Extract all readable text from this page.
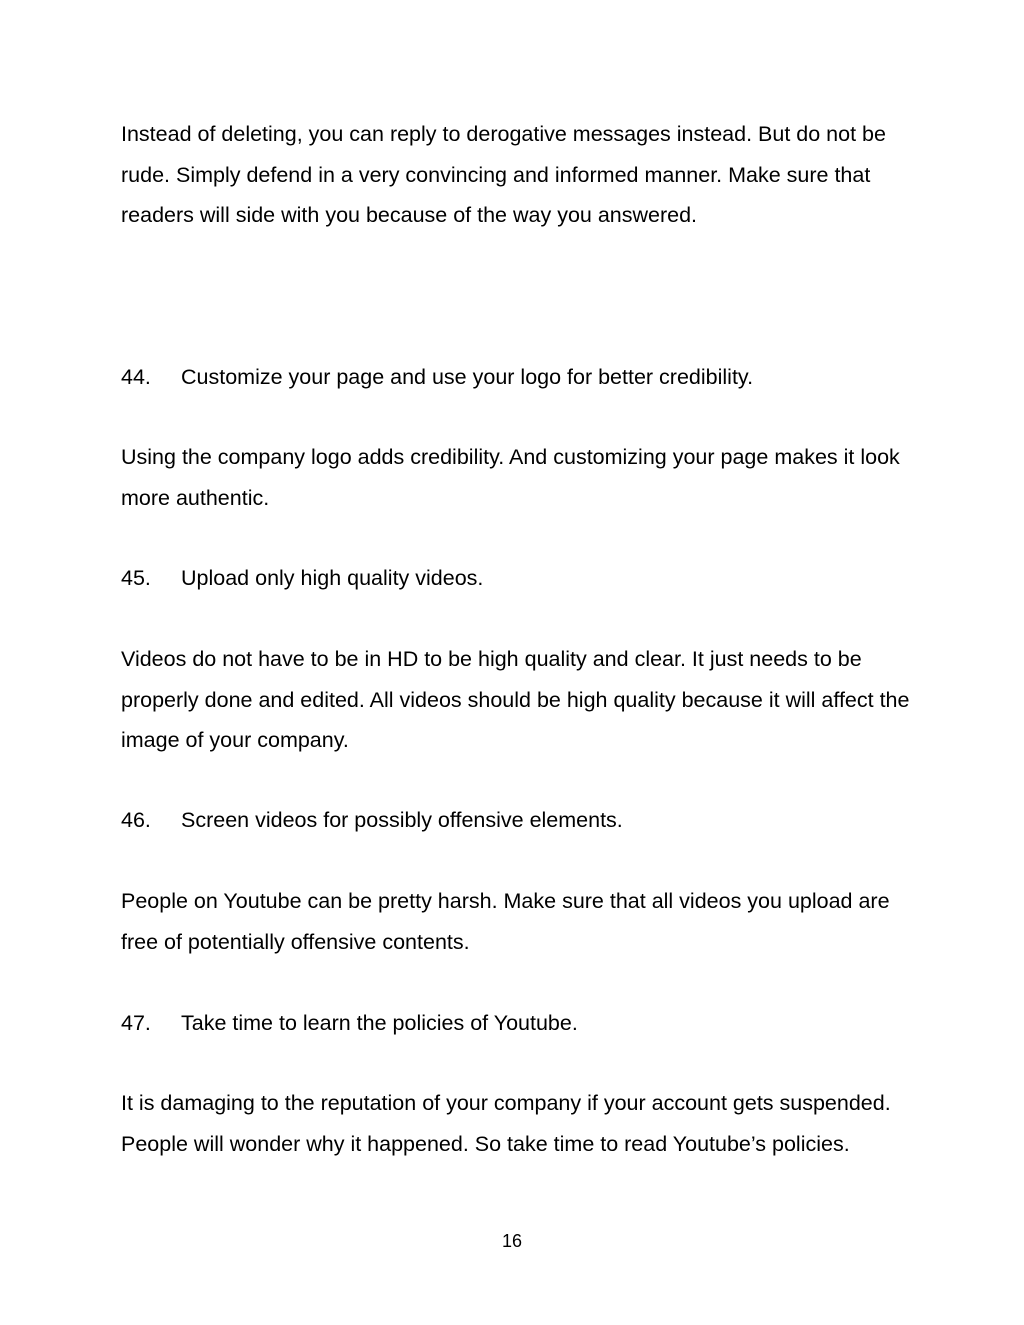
Instead of deleting, you can reply to derogative messages instead. But do not be rude. Simply defend in a very convincing and informed manner. Make sure that readers will side with you because of the way you answered.

44. Customize your page and use your logo for better credibility.

Using the company logo adds credibility. And customizing your page makes it look more authentic.

45. Upload only high quality videos.

Videos do not have to be in HD to be high quality and clear. It just needs to be properly done and edited. All videos should be high quality because it will affect the image of your company.

46. Screen videos for possibly offensive elements.

People on Youtube can be pretty harsh. Make sure that all videos you upload are free of potentially offensive contents.

47. Take time to learn the policies of Youtube.

It is damaging to the reputation of your company if your account gets suspended. People will wonder why it happened. So take time to read Youtube’s policies.

16
